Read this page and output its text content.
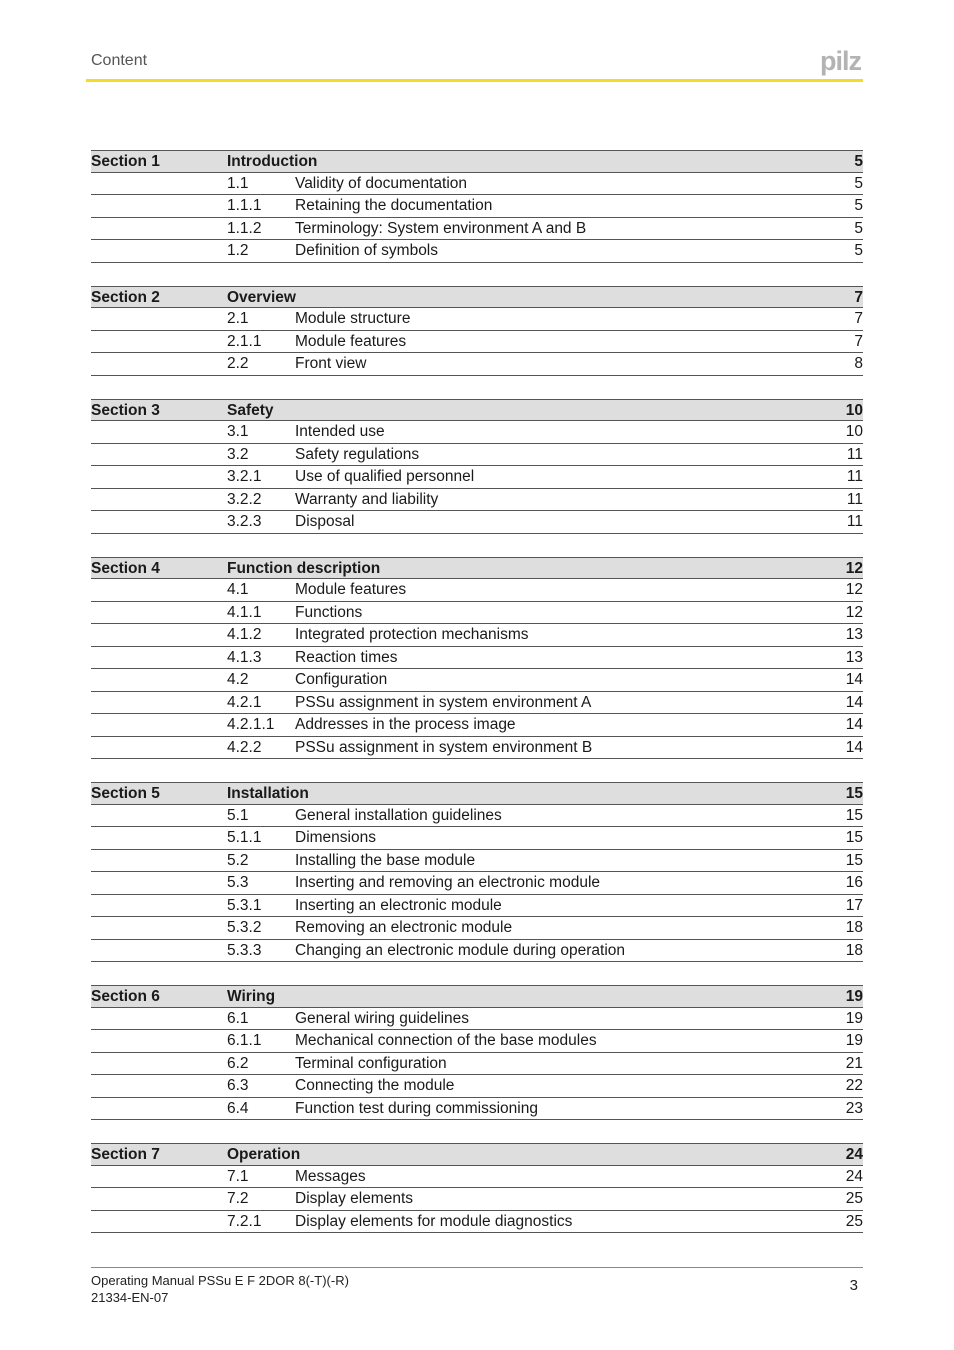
Content	pilz
Section 1	Introduction	5
1.1	Validity of documentation	5
1.1.1 Retaining the documentation	5
1.1.2 Terminology: System environment A and B	5
1.2	Definition of symbols	5
Section 2	Overview	7
2.1	Module structure	7
2.1.1 Module features	7
2.2	Front view	8
Section 3	Safety	10
3.1	Intended use	10
3.2	Safety regulations	11
3.2.1 Use of qualified personnel	11
3.2.2 Warranty and liability	11
3.2.3 Disposal	11
Section 4	Function description	12
4.1	Module features	12
4.1.1 Functions	12
4.1.2 Integrated protection mechanisms	13
4.1.3 Reaction times	13
4.2	Configuration	14
4.2.1 PSSu assignment in system environment A	14
4.2.1.1 Addresses in the process image	14
4.2.2 PSSu assignment in system environment B	14
Section 5	Installation	15
5.1	General installation guidelines	15
5.1.1 Dimensions	15
5.2	Installing the base module	15
5.3	Inserting and removing an electronic module	16
5.3.1 Inserting an electronic module	17
5.3.2 Removing an electronic module	18
5.3.3 Changing an electronic module during operation	18
Section 6	Wiring	19
6.1	General wiring guidelines	19
6.1.1 Mechanical connection of the base modules	19
6.2	Terminal configuration	21
6.3	Connecting the module	22
6.4	Function test during commissioning	23
Section 7	Operation	24
7.1	Messages	24
7.2	Display elements	25
7.2.1 Display elements for module diagnostics	25
Operating Manual PSSu E F 2DOR 8(-T)(-R)
21334-EN-07
3
